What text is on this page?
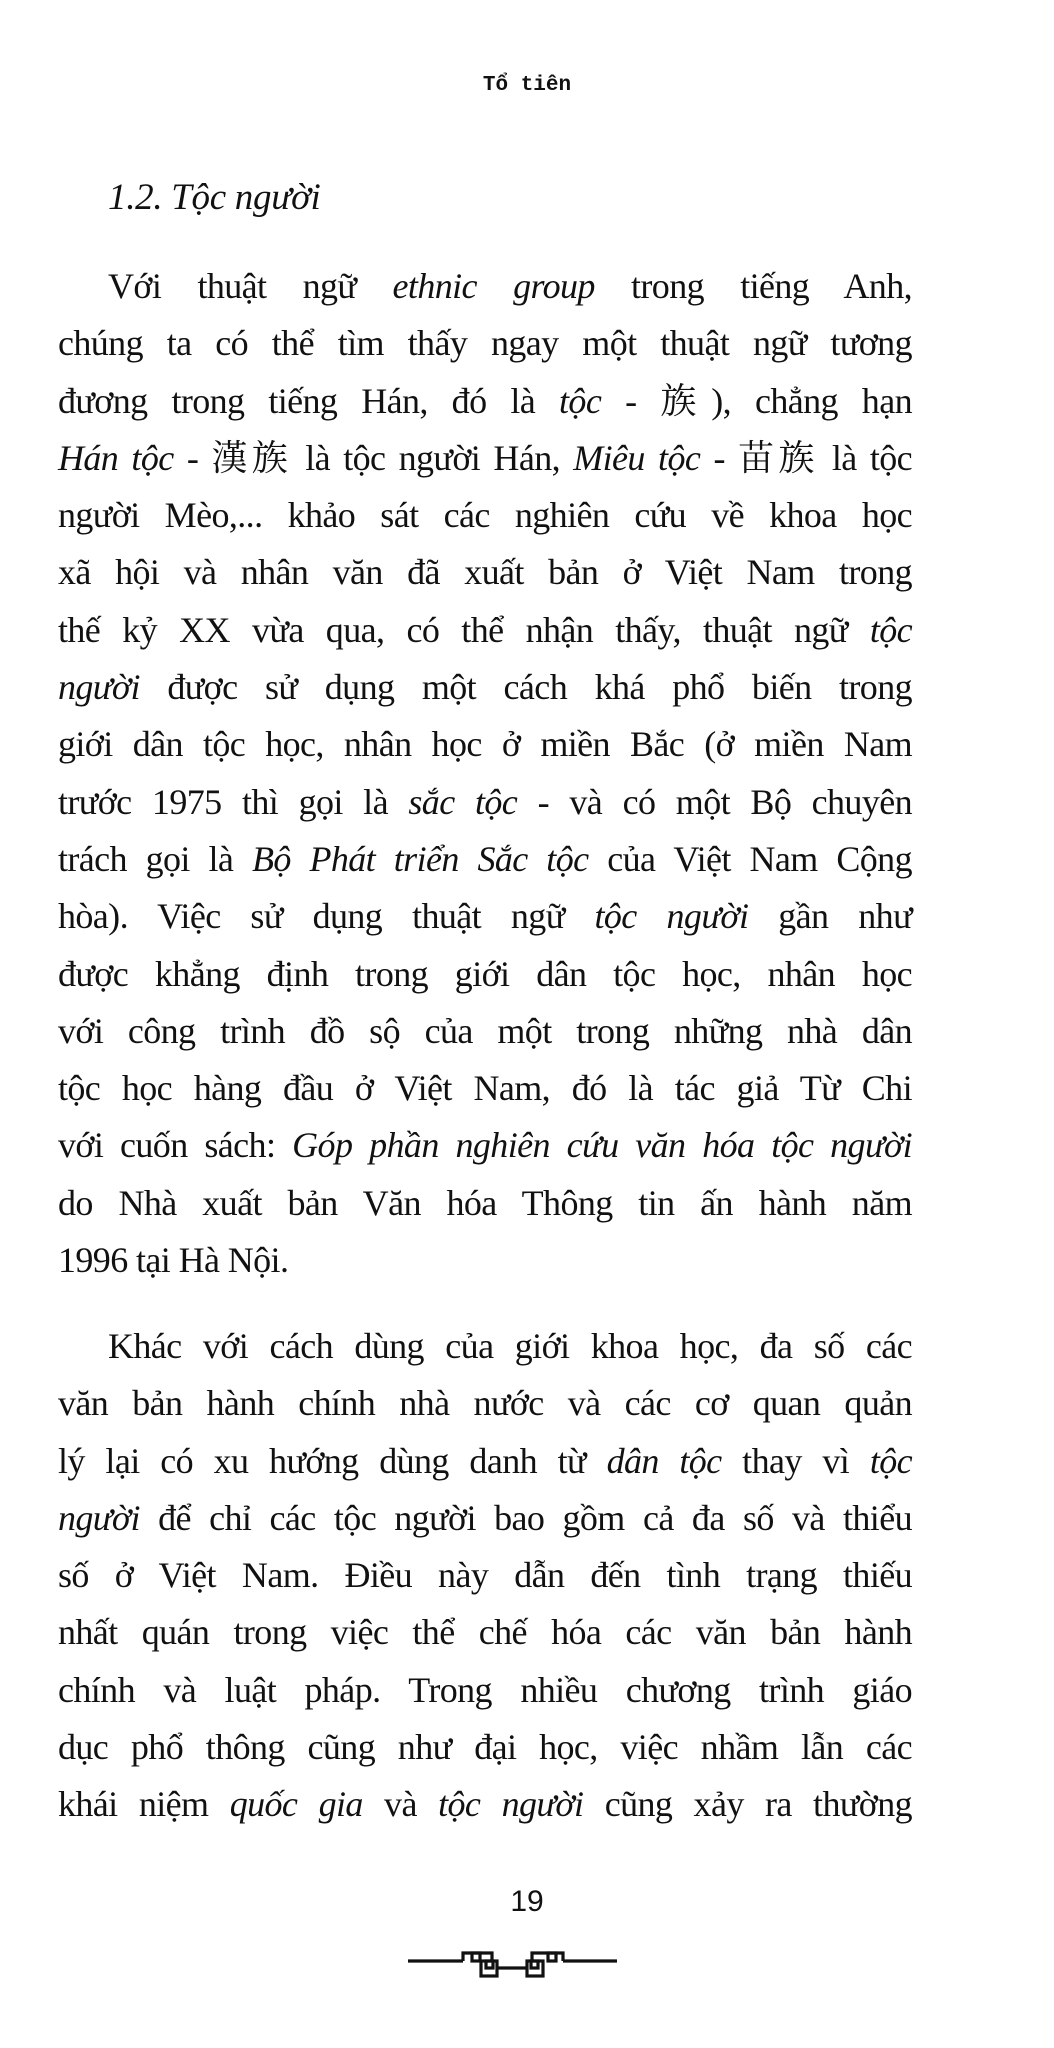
Tổ tiên
1.2. Tộc người
Với thuật ngữ ethnic group trong tiếng Anh,
chúng ta có thể tìm thấy ngay một thuật ngữ tương
đương trong tiếng Hán, đó là tộc - 族), chẳng hạn
Hán tộc - 漢族 là tộc người Hán, Miêu tộc - 苗族 là tộc
người Mèo,... khảo sát các nghiên cứu về khoa học
xã hội và nhân văn đã xuất bản ở Việt Nam trong
thế kỷ XX vừa qua, có thể nhận thấy, thuật ngữ tộc
người được sử dụng một cách khá phổ biến trong
giới dân tộc học, nhân học ở miền Bắc (ở miền Nam
trước 1975 thì gọi là sắc tộc - và có một Bộ chuyên
trách gọi là Bộ Phát triển Sắc tộc của Việt Nam Cộng
hòa). Việc sử dụng thuật ngữ tộc người gần như
được khẳng định trong giới dân tộc học, nhân học
với công trình đồ sộ của một trong những nhà dân
tộc học hàng đầu ở Việt Nam, đó là tác giả Từ Chi
với cuốn sách: Góp phần nghiên cứu văn hóa tộc người
do Nhà xuất bản Văn hóa Thông tin ấn hành năm
1996 tại Hà Nội.
Khác với cách dùng của giới khoa học, đa số các
văn bản hành chính nhà nước và các cơ quan quản
lý lại có xu hướng dùng danh từ dân tộc thay vì tộc
người để chỉ các tộc người bao gồm cả đa số và thiểu
số ở Việt Nam. Điều này dẫn đến tình trạng thiếu
nhất quán trong việc thể chế hóa các văn bản hành
chính và luật pháp. Trong nhiều chương trình giáo
dục phổ thông cũng như đại học, việc nhầm lẫn các
khái niệm quốc gia và tộc người cũng xảy ra thường
19
